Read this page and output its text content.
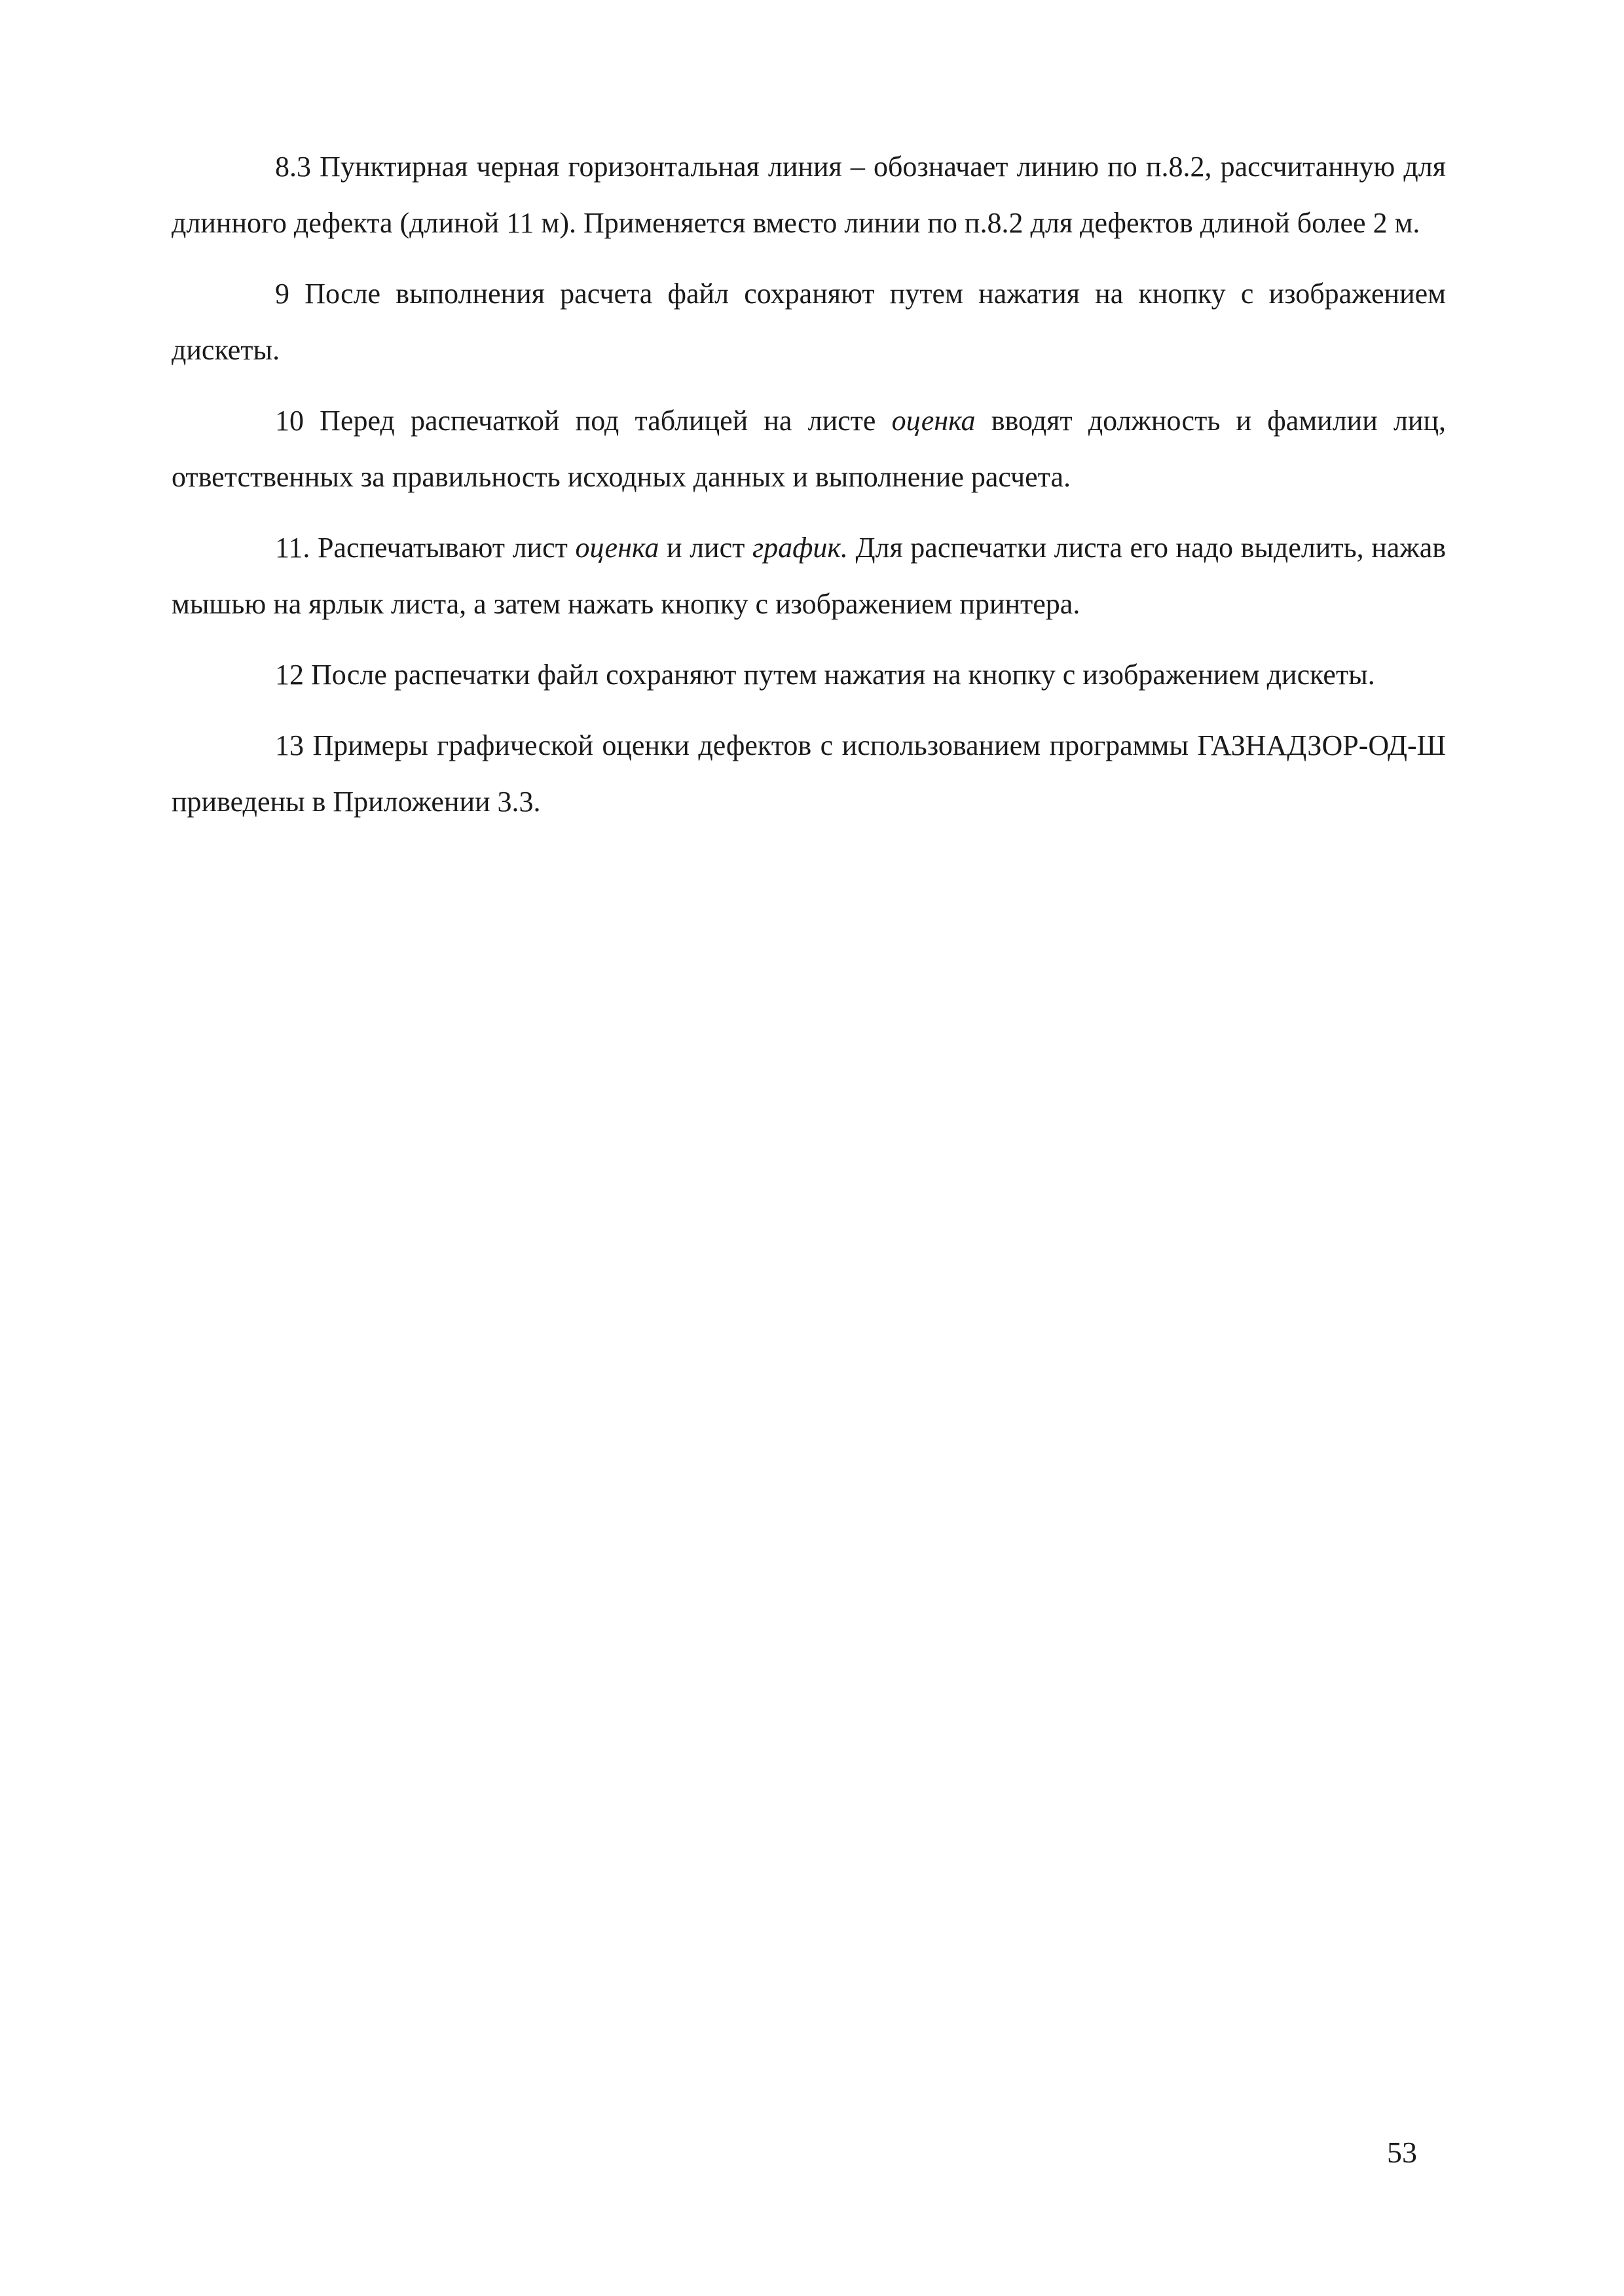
8.3 Пунктирная черная горизонтальная линия – обозначает линию по п.8.2, рассчитанную для длинного дефекта (длиной 11 м). Применяется вместо линии по п.8.2 для дефектов длиной более 2 м.

9 После выполнения расчета файл сохраняют путем нажатия на кнопку с изображением дискеты.

10 Перед распечаткой под таблицей на листе оценка вводят должность и фамилии лиц, ответственных за правильность исходных данных и выполнение расчета.

11. Распечатывают лист оценка и лист график. Для распечатки листа его надо выделить, нажав мышью на ярлык листа, а затем нажать кнопку с изображением принтера.

12 После распечатки файл сохраняют путем нажатия на кнопку с изображением дискеты.

13 Примеры графической оценки дефектов с использованием программы ГАЗНАДЗОР-ОД-Ш приведены в Приложении 3.3.

53
